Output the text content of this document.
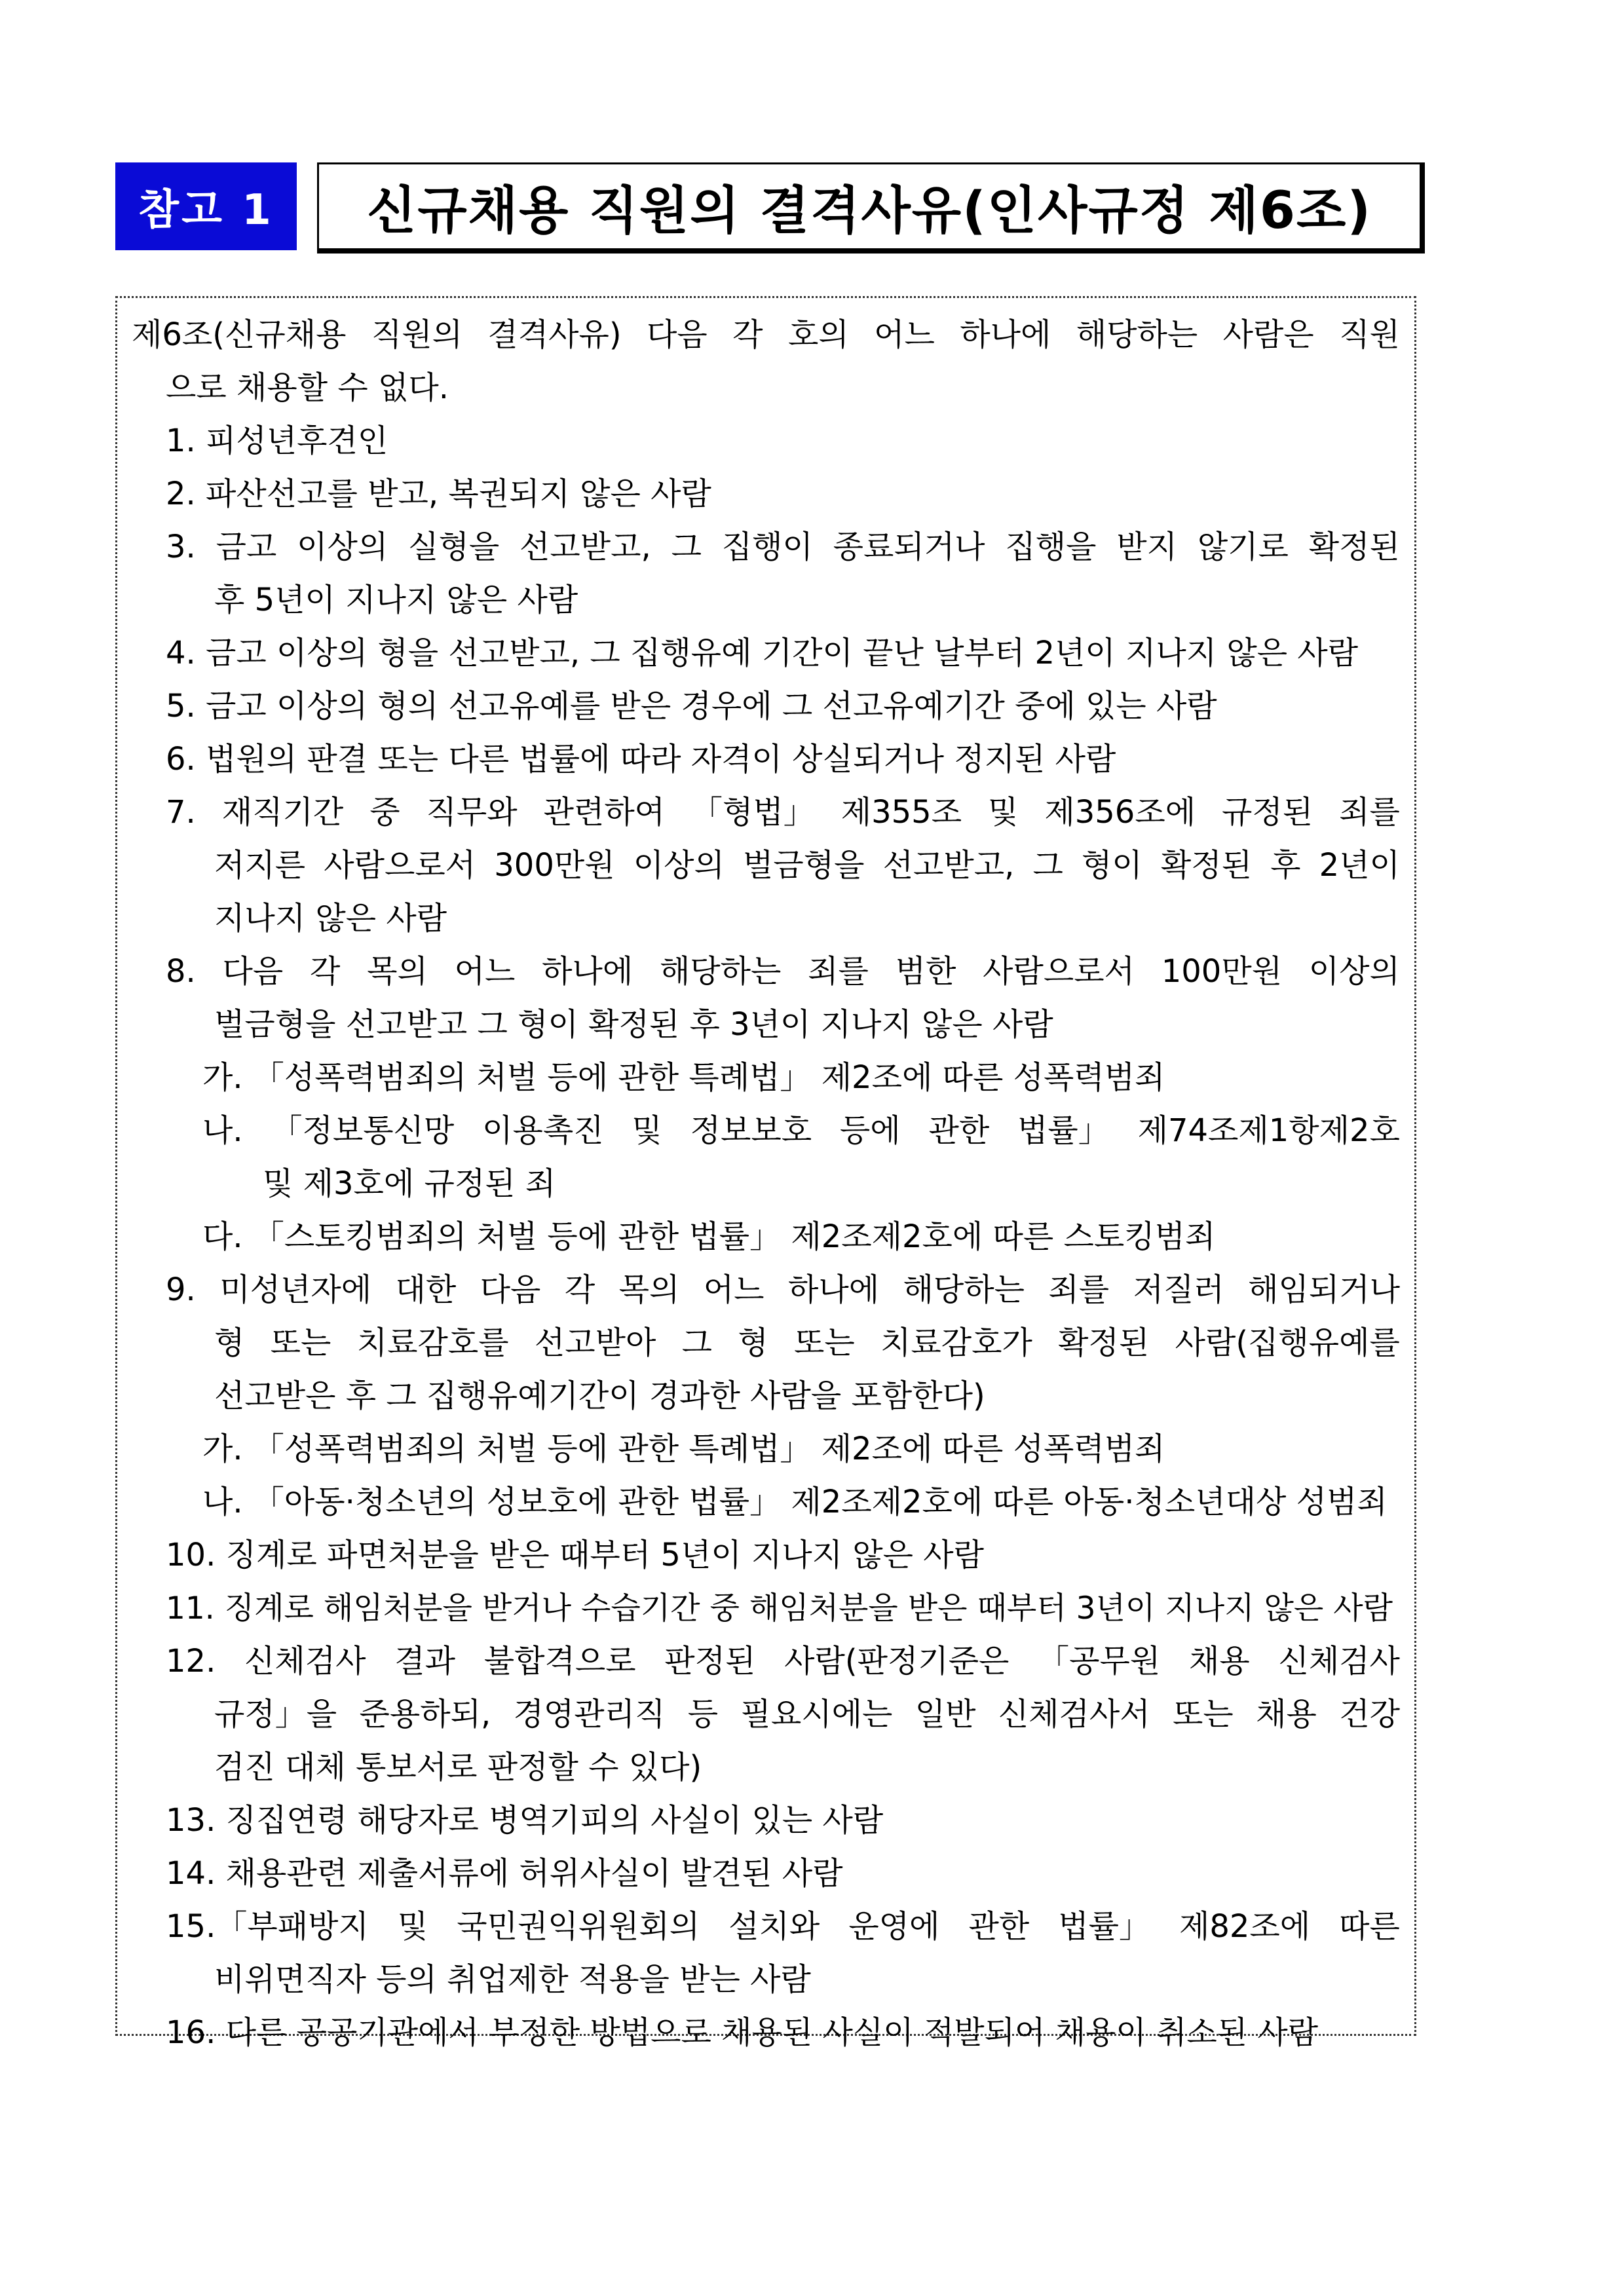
참고 1 신규채용 직원의 결격사유(인사규정 제6조)

제6조(신규채용 직원의 결격사유) 다음 각 호의 어느 하나에 해당하는 사람은 직원

으로 채용할 수 없다.

1. 피성년후견인

2. 파산선고를 받고, 복권되지 않은 사람

3. 금고 이상의 실형을 선고받고, 그 집행이 종료되거나 집행을 받지 않기로 확정된

후 5년이 지나지 않은 사람

4. 금고 이상의 형을 선고받고, 그 집행유예 기간이 끝난 날부터 2년이 지나지 않은 사람

5. 금고 이상의 형의 선고유예를 받은 경우에 그 선고유예기간 중에 있는 사람

6. 법원의 판결 또는 다른 법률에 따라 자격이 상실되거나 정지된 사람

7. 재직기간 중 직무와 관련하여 「형법」 제355조 및 제356조에 규정된 죄를

저지른 사람으로서 300만원 이상의 벌금형을 선고받고, 그 형이 확정된 후 2년이

지나지 않은 사람

8. 다음 각 목의 어느 하나에 해당하는 죄를 범한 사람으로서 100만원 이상의

벌금형을 선고받고 그 형이 확정된 후 3년이 지나지 않은 사람

가. 「성폭력범죄의 처벌 등에 관한 특례법」 제2조에 따른 성폭력범죄

나. 「정보통신망 이용촉진 및 정보보호 등에 관한 법률」 제74조제1항제2호

및 제3호에 규정된 죄

다. 「스토킹범죄의 처벌 등에 관한 법률」 제2조제2호에 따른 스토킹범죄

9. 미성년자에 대한 다음 각 목의 어느 하나에 해당하는 죄를 저질러 해임되거나

형 또는 치료감호를 선고받아 그 형 또는 치료감호가 확정된 사람(집행유예를

선고받은 후 그 집행유예기간이 경과한 사람을 포함한다)

가. 「성폭력범죄의 처벌 등에 관한 특례법」 제2조에 따른 성폭력범죄

나. 「아동·청소년의 성보호에 관한 법률」 제2조제2호에 따른 아동·청소년대상 성범죄

10. 징계로 파면처분을 받은 때부터 5년이 지나지 않은 사람

11. 징계로 해임처분을 받거나 수습기간 중 해임처분을 받은 때부터 3년이 지나지 않은 사람

12. 신체검사 결과 불합격으로 판정된 사람(판정기준은 「공무원 채용 신체검사

규정」을 준용하되, 경영관리직 등 필요시에는 일반 신체검사서 또는 채용 건강

검진 대체 통보서로 판정할 수 있다)

13. 징집연령 해당자로 병역기피의 사실이 있는 사람

14. 채용관련 제출서류에 허위사실이 발견된 사람

15.「부패방지 및 국민권익위원회의 설치와 운영에 관한 법률」 제82조에 따른

비위면직자 등의 취업제한 적용을 받는 사람

16. 다른 공공기관에서 부정한 방법으로 채용된 사실이 적발되어 채용이 취소된 사람
